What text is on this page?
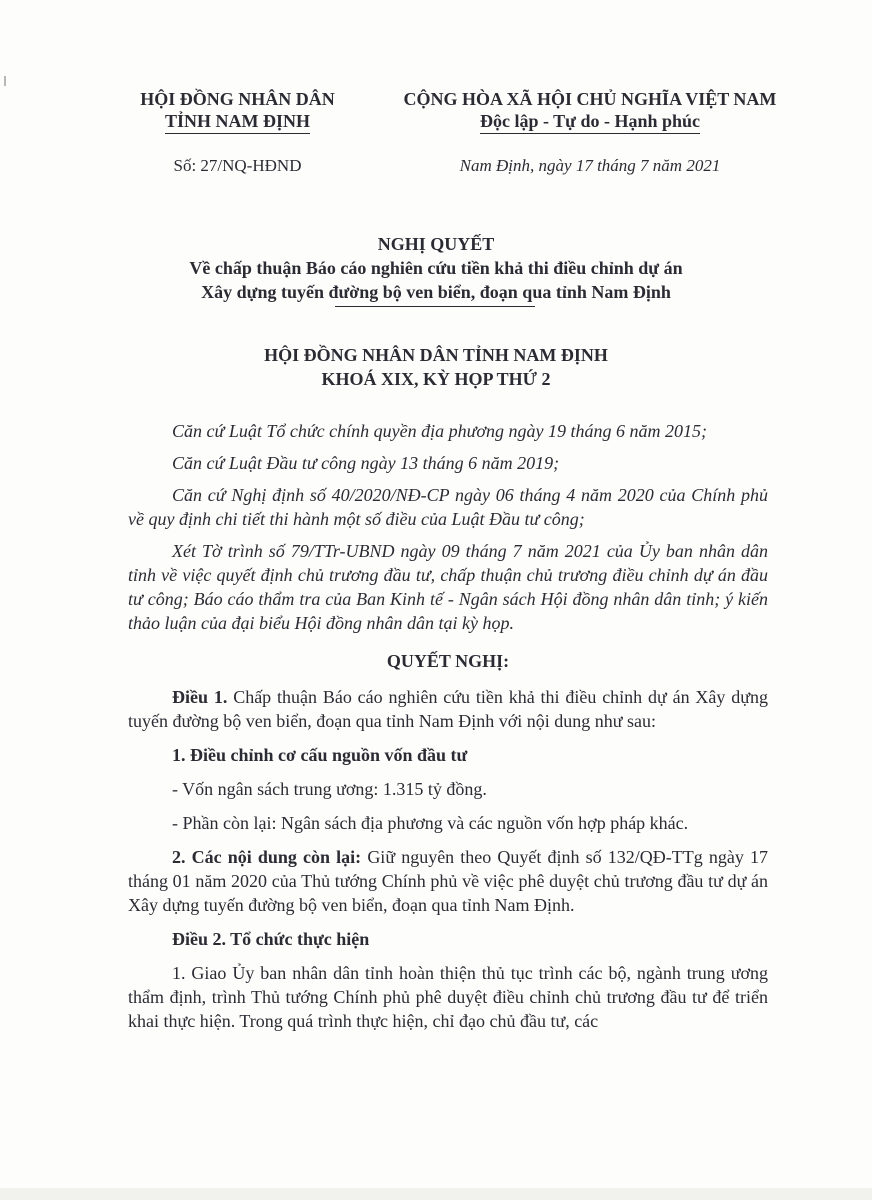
HỘI ĐỒNG NHÂN DÂN
TỈNH NAM ĐỊNH
CỘNG HÒA XÃ HỘI CHỦ NGHĨA VIỆT NAM
Độc lập - Tự do - Hạnh phúc
Số: 27/NQ-HĐND	Nam Định, ngày 17 tháng 7 năm 2021
NGHỊ QUYẾT
Về chấp thuận Báo cáo nghiên cứu tiền khả thi điều chỉnh dự án
Xây dựng tuyến đường bộ ven biển, đoạn qua tỉnh Nam Định
HỘI ĐỒNG NHÂN DÂN TỈNH NAM ĐỊNH
KHOÁ XIX, KỲ HỌP THỨ 2

Căn cứ Luật Tổ chức chính quyền địa phương ngày 19 tháng 6 năm 2015;

Căn cứ Luật Đầu tư công ngày 13 tháng 6 năm 2019;

Căn cứ Nghị định số 40/2020/NĐ-CP ngày 06 tháng 4 năm 2020 của Chính phủ về quy định chi tiết thi hành một số điều của Luật Đầu tư công;

Xét Tờ trình số 79/TTr-UBND ngày 09 tháng 7 năm 2021 của Ủy ban nhân dân tỉnh về việc quyết định chủ trương đầu tư, chấp thuận chủ trương điều chỉnh dự án đầu tư công; Báo cáo thẩm tra của Ban Kinh tế - Ngân sách Hội đồng nhân dân tỉnh; ý kiến thảo luận của đại biểu Hội đồng nhân dân tại kỳ họp.

QUYẾT NGHỊ:

Điều 1. Chấp thuận Báo cáo nghiên cứu tiền khả thi điều chỉnh dự án Xây dựng tuyến đường bộ ven biển, đoạn qua tỉnh Nam Định với nội dung như sau:

1. Điều chỉnh cơ cấu nguồn vốn đầu tư

- Vốn ngân sách trung ương: 1.315 tỷ đồng.

- Phần còn lại: Ngân sách địa phương và các nguồn vốn hợp pháp khác.

2. Các nội dung còn lại: Giữ nguyên theo Quyết định số 132/QĐ-TTg ngày 17 tháng 01 năm 2020 của Thủ tướng Chính phủ về việc phê duyệt chủ trương đầu tư dự án Xây dựng tuyến đường bộ ven biển, đoạn qua tỉnh Nam Định.

Điều 2. Tổ chức thực hiện

1. Giao Ủy ban nhân dân tỉnh hoàn thiện thủ tục trình các bộ, ngành trung ương thẩm định, trình Thủ tướng Chính phủ phê duyệt điều chỉnh chủ trương đầu tư để triển khai thực hiện. Trong quá trình thực hiện, chỉ đạo chủ đầu tư, các
